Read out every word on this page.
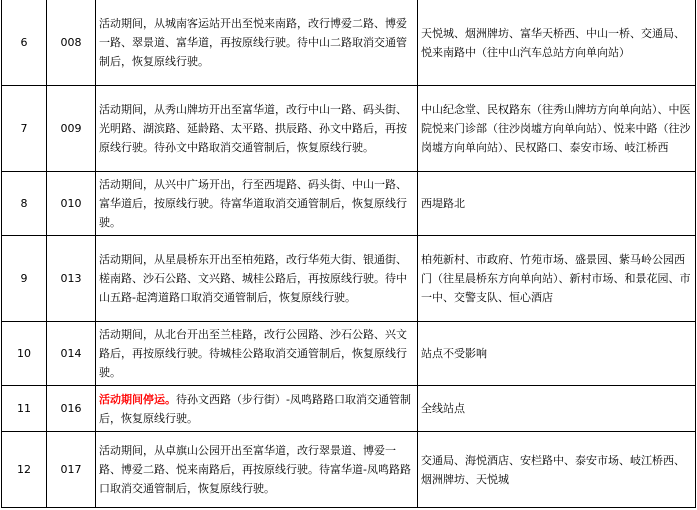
6	008	活动期间，从城南客运站开出至悦来南路，改行博爱二路、博爱一路、翠景道、富华道，再按原线行驶。待中山二路取消交通管制后，恢复原线行驶。	天悦城、烟洲牌坊、富华天桥西、中山一桥、交通局、悦来南路中（往中山汽车总站方向单向站）
7	009	活动期间，从秀山牌坊开出至富华道，改行中山一路、码头街、光明路、湖滨路、延龄路、太平路、拱辰路、孙文中路后，再按原线行驶。待孙文中路取消交通管制后，恢复原线行驶。	中山纪念堂、民权路东（往秀山牌坊方向单向站）、中医院悦来门诊部（往沙岗墟方向单向站）、悦来中路（往沙岗墟方向单向站）、民权路口、泰安市场、岐江桥西
8	010	活动期间，从兴中广场开出，行至西堤路、码头街、中山一路、富华道后，按原线行驶。待富华道取消交通管制后，恢复原线行驶。	西堤路北
9	013	活动期间，从星晨桥东开出至柏苑路，改行华苑大街、银通街、槎南路、沙石公路、文兴路、城桂公路后，再按原线行驶。待中山五路-起湾道路口取消交通管制后，恢复原线行驶。	柏苑新村、市政府、竹苑市场、盛景园、紫马岭公园西门（往星晨桥东方向单向站）、新村市场、和景花园、市一中、交警支队、恒心酒店
10	014	活动期间，从北台开出至兰桂路，改行公园路、沙石公路、兴文路后，再按原线行驶。待城桂公路取消交通管制后，恢复原线行驶。	站点不受影响
11	016	活动期间停运。待孙文西路（步行街）-凤鸣路路口取消交通管制后，恢复原线行驶。	全线站点
12	017	活动期间，从卓旗山公园开出至富华道，改行翠景道、博爱一路、博爱二路、悦来南路后，再按原线行驶。待富华道-凤鸣路路口取消交通管制后，恢复原线行驶。	交通局、海悦酒店、安栏路中、泰安市场、岐江桥西、烟洲牌坊、天悦城
